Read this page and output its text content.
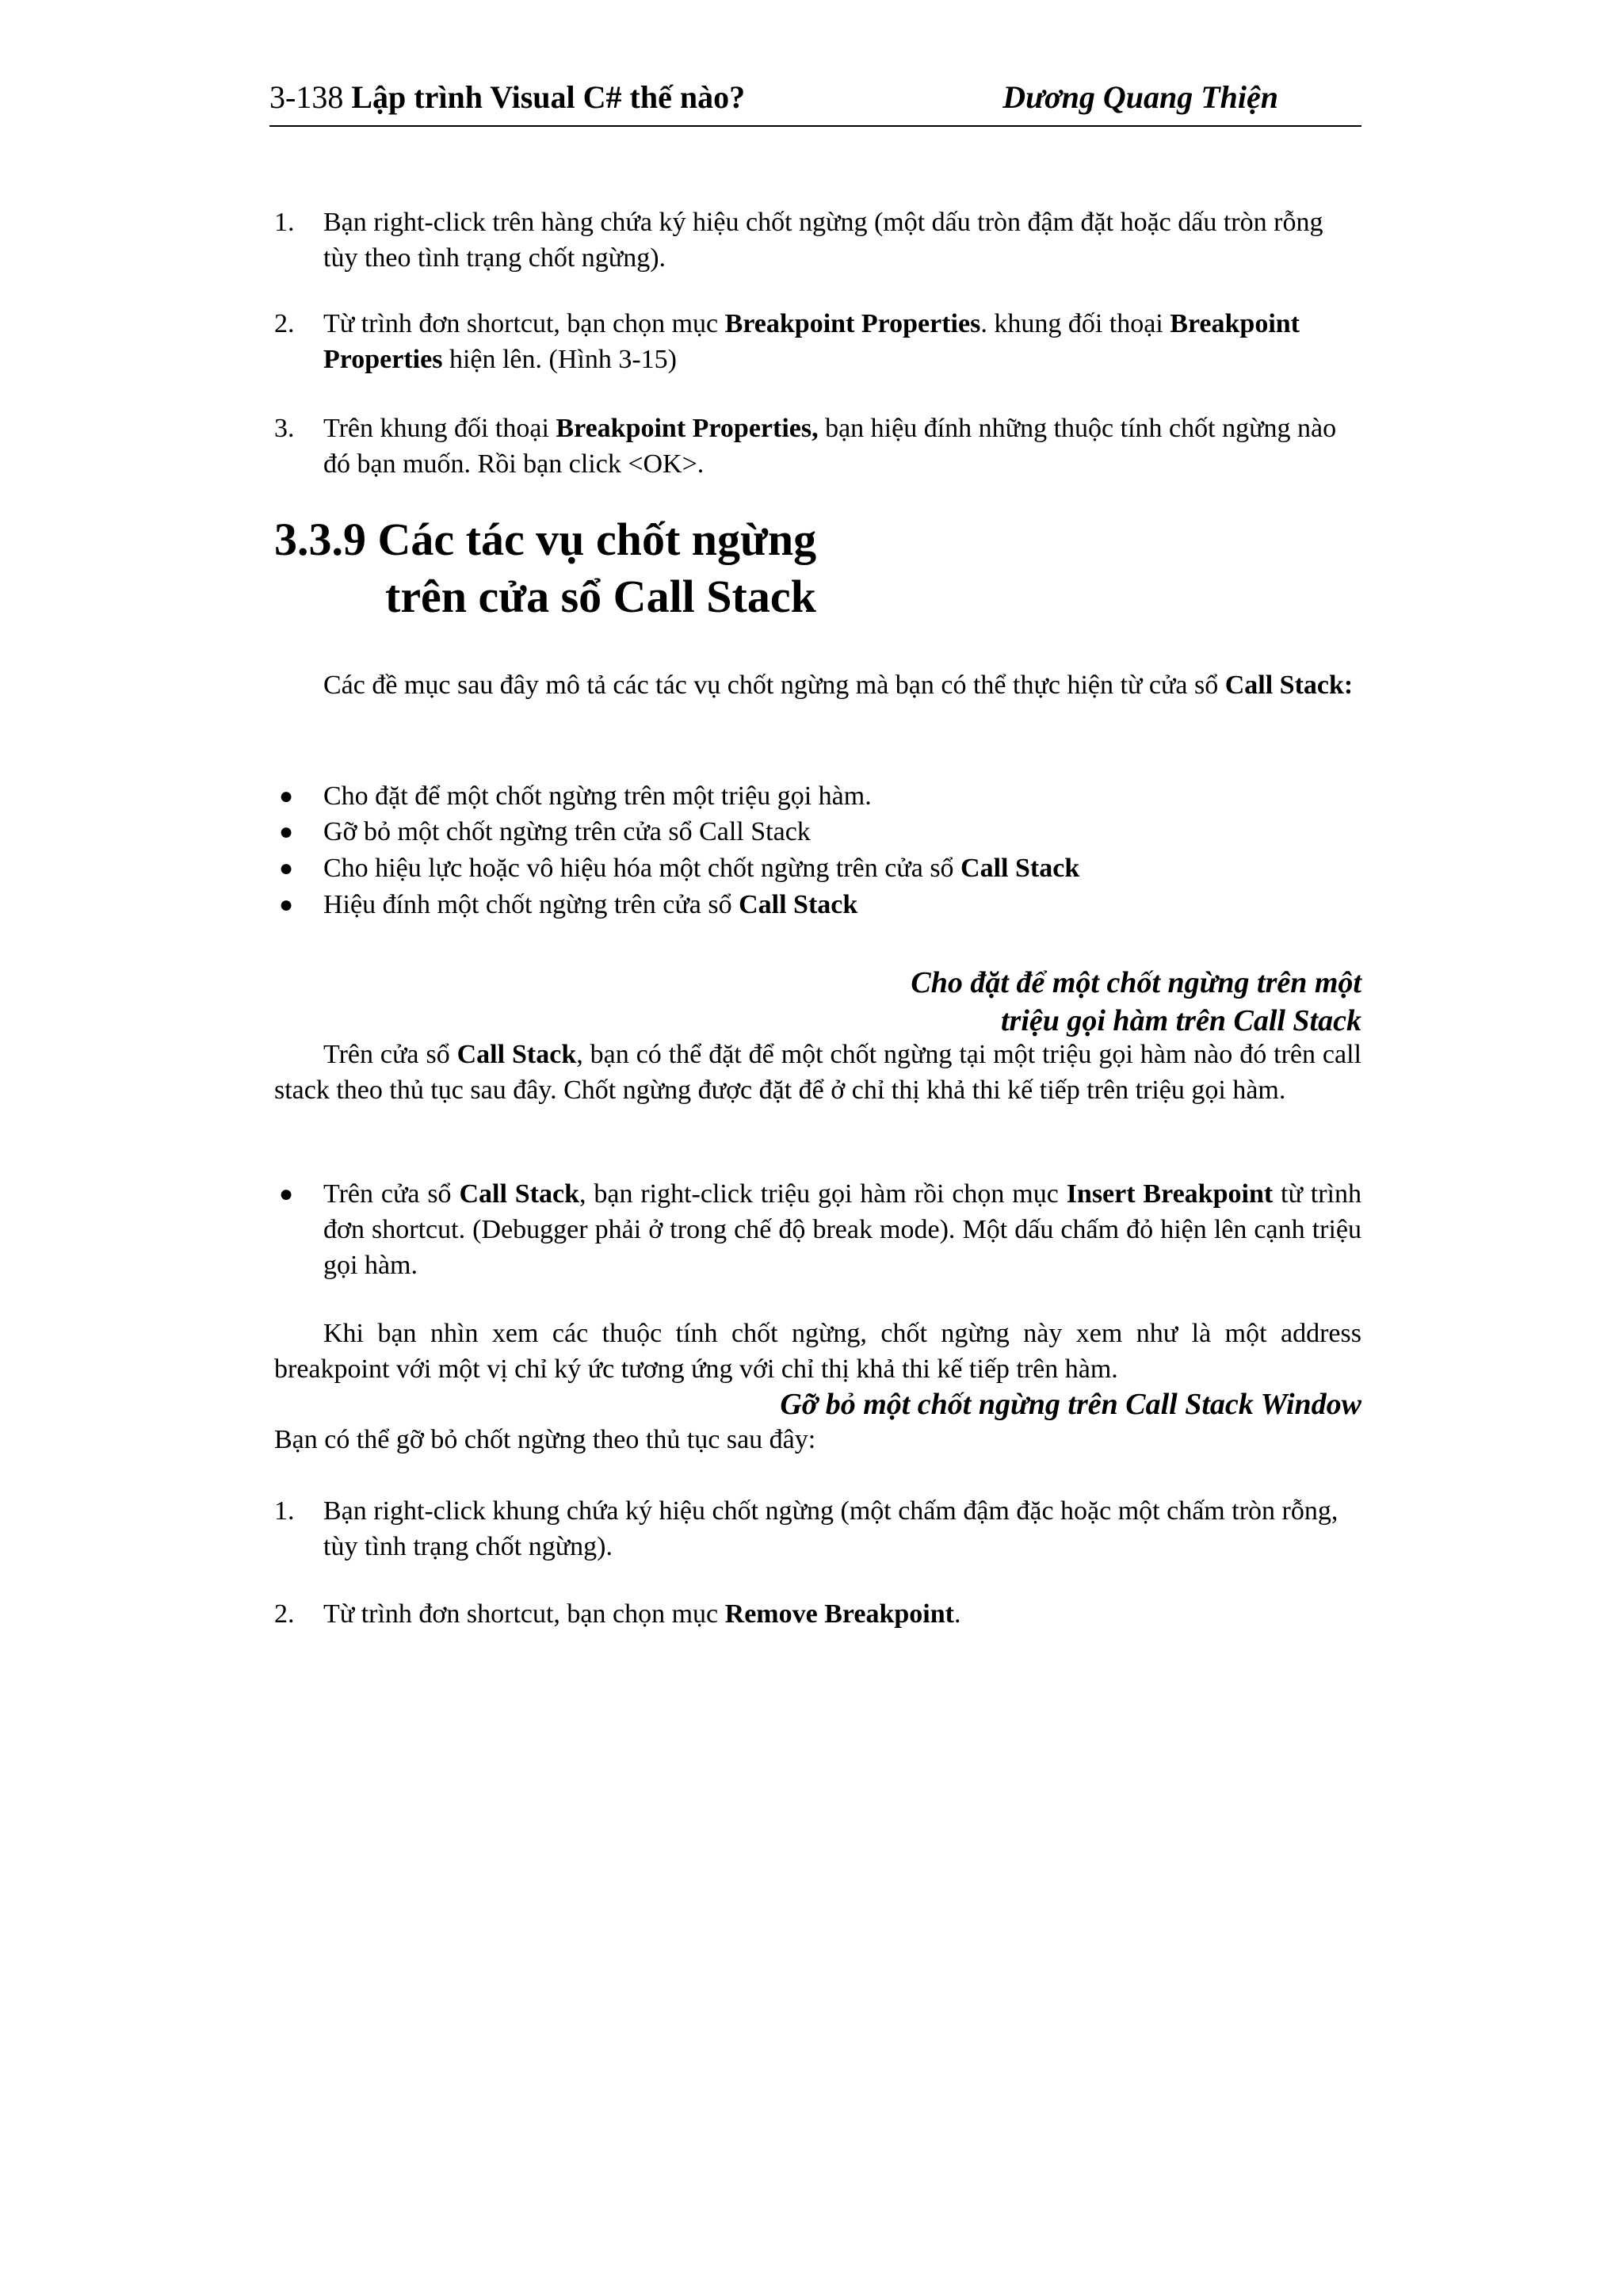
3-138 Lập trình Visual C# thế nào?	Dương Quang Thiện
1. Bạn right-click trên hàng chứa ký hiệu chốt ngừng (một dấu tròn đậm đặt hoặc dấu tròn rỗng tùy theo tình trạng chốt ngừng).
2. Từ trình đơn shortcut, bạn chọn mục Breakpoint Properties. khung đối thoại Breakpoint Properties hiện lên. (Hình 3-15)
3. Trên khung đối thoại Breakpoint Properties, bạn hiệu đính những thuộc tính chốt ngừng nào đó bạn muốn. Rồi bạn click <OK>.
3.3.9 Các tác vụ chốt ngừng
trên cửa sổ Call Stack
Các đề mục sau đây mô tả các tác vụ chốt ngừng mà bạn có thể thực hiện từ cửa sổ Call Stack:
● Cho đặt để một chốt ngừng trên một triệu gọi hàm.
● Gỡ bỏ một chốt ngừng trên cửa sổ Call Stack
● Cho hiệu lực hoặc vô hiệu hóa một chốt ngừng trên cửa sổ Call Stack
● Hiệu đính một chốt ngừng trên cửa sổ Call Stack
Cho đặt để một chốt ngừng trên một
triệu gọi hàm trên Call Stack
Trên cửa sổ Call Stack, bạn có thể đặt để một chốt ngừng tại một triệu gọi hàm nào đó trên call stack theo thủ tục sau đây. Chốt ngừng được đặt để ở chỉ thị khả thi kế tiếp trên triệu gọi hàm.
● Trên cửa sổ Call Stack, bạn right-click triệu gọi hàm rồi chọn mục Insert Breakpoint từ trình đơn shortcut. (Debugger phải ở trong chế độ break mode). Một dấu chấm đỏ hiện lên cạnh triệu gọi hàm.
Khi bạn nhìn xem các thuộc tính chốt ngừng, chốt ngừng này xem như là một address breakpoint với một vị chỉ ký ức tương ứng với chỉ thị khả thi kế tiếp trên hàm.
Gỡ bỏ một chốt ngừng trên Call Stack Window
Bạn có thể gỡ bỏ chốt ngừng theo thủ tục sau đây:
1. Bạn right-click khung chứa ký hiệu chốt ngừng (một chấm đậm đặc hoặc một chấm tròn rỗng, tùy tình trạng chốt ngừng).
2. Từ trình đơn shortcut, bạn chọn mục Remove Breakpoint.
